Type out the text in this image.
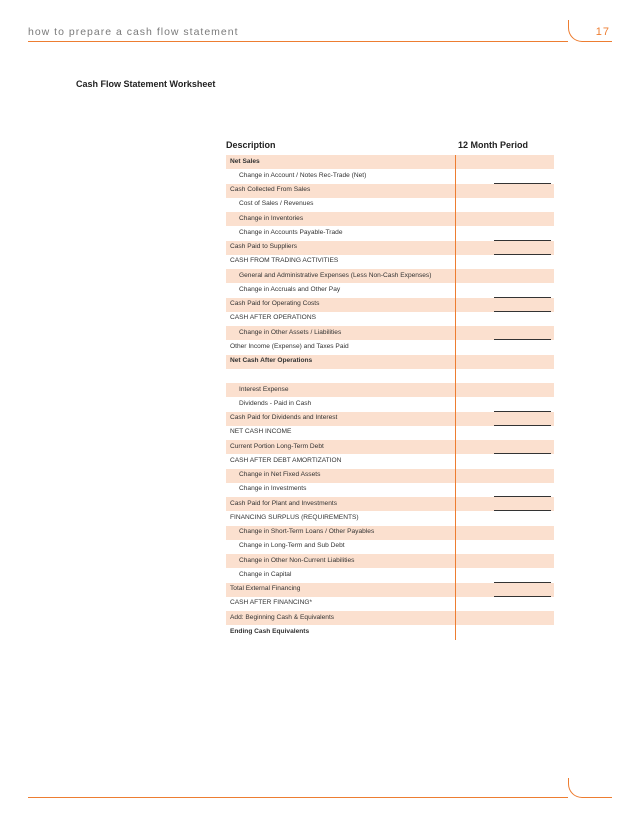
how to prepare a cash flow statement	17
Cash Flow Statement Worksheet
Description	12 Month Period
Net Sales
Change in Account / Notes Rec-Trade (Net)
Cash Collected From Sales
Cost of Sales / Revenues
Change in Inventories
Change in Accounts Payable-Trade
Cash Paid to Suppliers
CASH FROM TRADING ACTIVITIES
General and Administrative Expenses (Less Non-Cash Expenses)
Change in Accruals and Other Pay
Cash Paid for Operating Costs
CASH AFTER OPERATIONS
Change in Other Assets / Liabilities
Other Income (Expense) and Taxes Paid
Net Cash After Operations
Interest Expense
Dividends - Paid in Cash
Cash Paid for Dividends and Interest
NET CASH INCOME
Current Portion Long-Term Debt
CASH AFTER DEBT AMORTIZATION
Change in Net Fixed Assets
Change in Investments
Cash Paid for Plant and Investments
FINANCING SURPLUS (REQUIREMENTS)
Change in Short-Term Loans / Other Payables
Change in Long-Term and Sub Debt
Change in Other Non-Current Liabilities
Change in Capital
Total External Financing
CASH AFTER FINANCING*
Add: Beginning Cash & Equivalents
Ending Cash Equivalents
